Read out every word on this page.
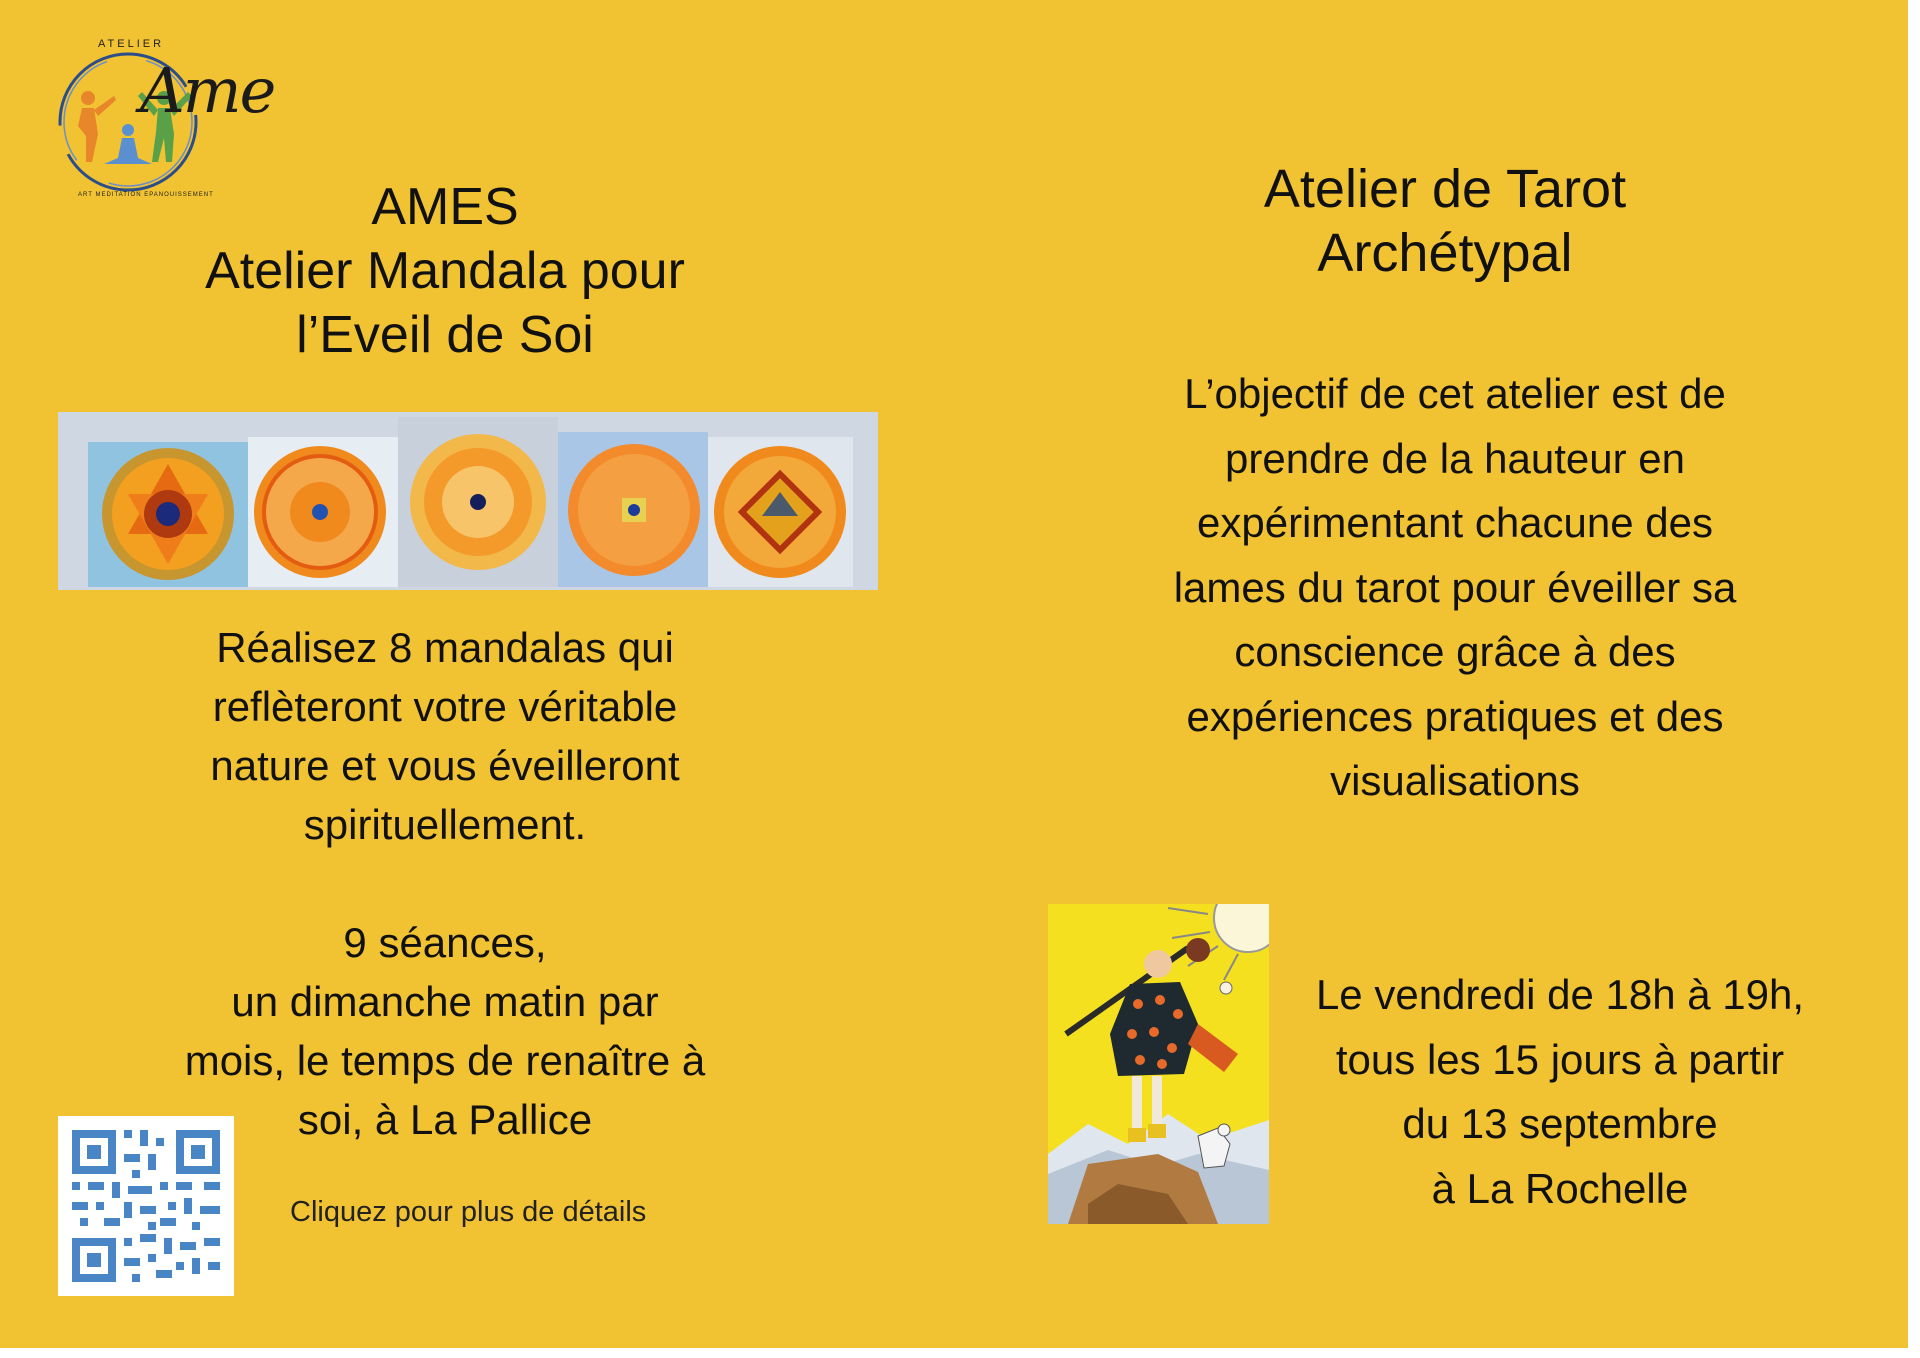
ATELIER
Ame
ART MEDITATION EPANOUISSEMENT	AMES
Atelier Mandala pour
l’Eveil de Soi

Réalisez 8 mandalas qui

reflèteront votre véritable

nature et vous éveilleront

spirituellement.

9 séances,

un dimanche matin par

mois, le temps de renaître à

soi, à La Pallice

Cliquez pour plus de détails
Atelier de Tarot
Archétypal

L’objectif de cet atelier est de

prendre de la hauteur en

expérimentant chacune des

lames du tarot pour éveiller sa

conscience grâce à des

expériences pratiques et des

visualisations

Le vendredi de 18h à 19h,

tous les 15 jours à partir

du 13 septembre

à La Rochelle
